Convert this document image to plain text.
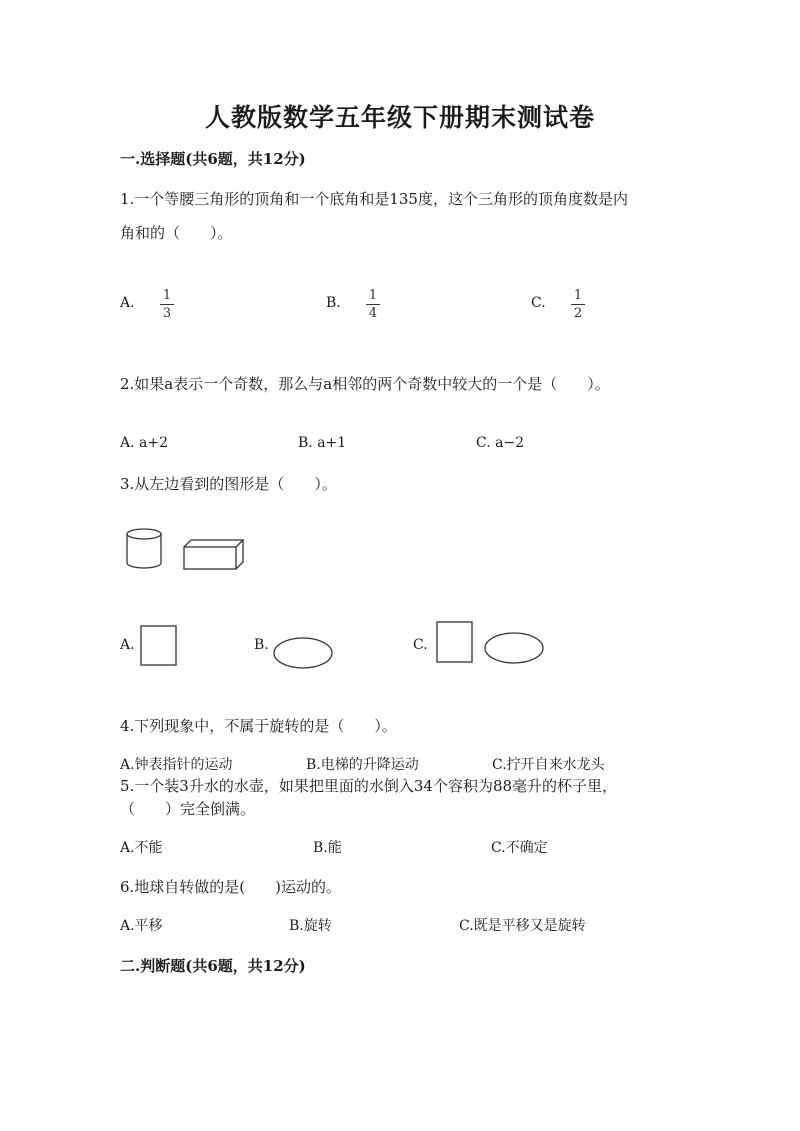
人教版数学五年级下册期末测试卷
一.选择题(共6题，共12分)
1.一个等腰三角形的顶角和一个底角和是135度，这个三角形的顶角度数是内
角和的（　　）。
A. 1
3
B. 1
4
C. 1
2
2.如果a表示一个奇数，那么与a相邻的两个奇数中较大的一个是（　　）。
A. a+2	B. a+1	C. a−2
3.从左边看到的图形是（　　）。
A.	B.	C.
4.下列现象中，不属于旋转的是（　　）。
A.钟表指针的运动	B.电梯的升降运动	C.拧开自来水龙头
5.一个装3升水的水壶，如果把里面的水倒入34个容积为88毫升的杯子里，
（　　）完全倒满。
A.不能	B.能	C.不确定
6.地球自转做的是(　　)运动的。
A.平移	B.旋转	C.既是平移又是旋转
二.判断题(共6题，共12分)
